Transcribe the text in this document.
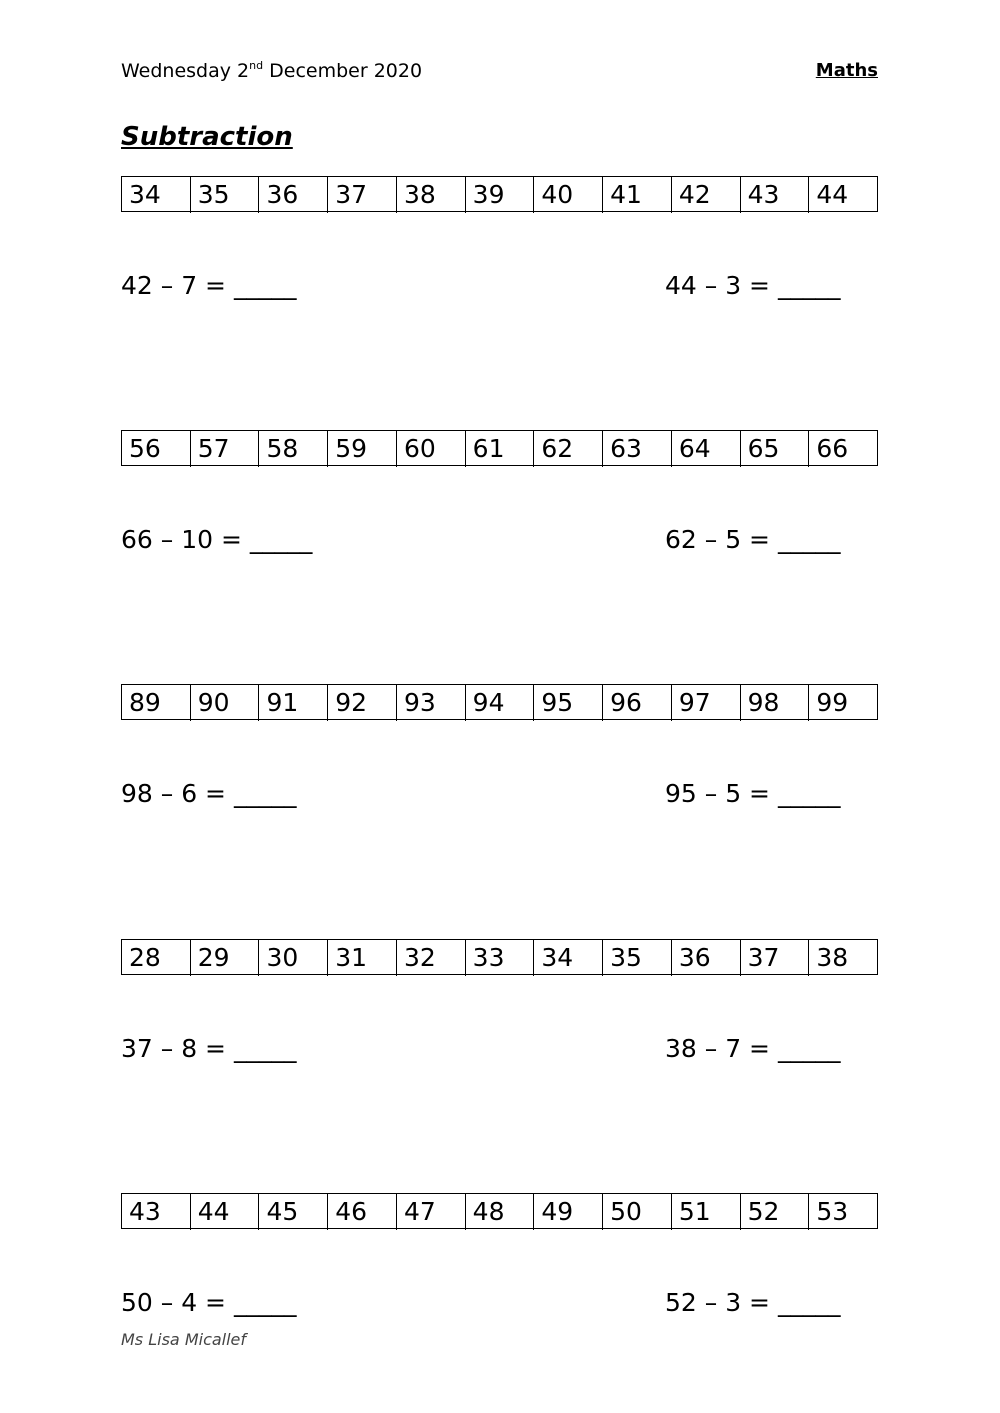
Wednesday 2nd December 2020	Maths
Subtraction
34	35	36	37	38	39	40	41	42	43	44
42 – 7 = _____	44 – 3 = _____
56	57	58	59	60	61	62	63	64	65	66
66 – 10 = _____	62 – 5 = _____
89	90	91	92	93	94	95	96	97	98	99
98 – 6 = _____	95 – 5 = _____
28	29	30	31	32	33	34	35	36	37	38
37 – 8 = _____	38 – 7 = _____
43	44	45	46	47	48	49	50	51	52	53
50 – 4 = _____	52 – 3 = _____
Ms Lisa Micallef
